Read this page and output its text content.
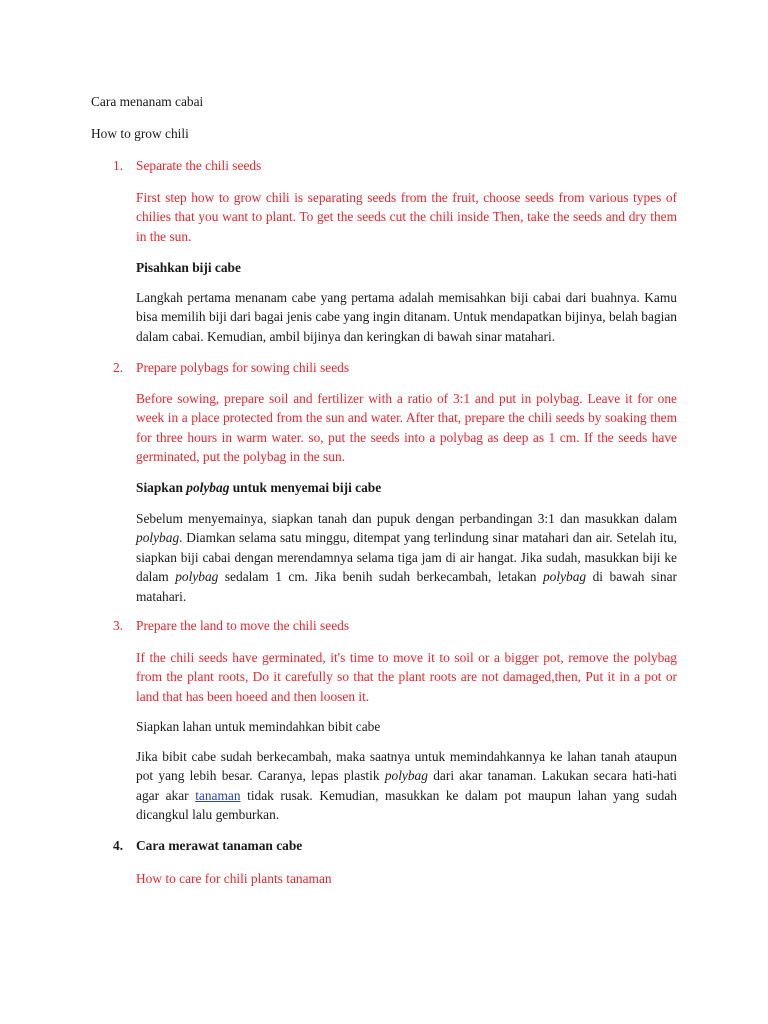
Cara menanam cabai
How to grow chili
1. Separate the chili seeds

First step how to grow chili is separating seeds from the fruit, choose seeds from various types of chilies that you want to plant. To get the seeds cut the chili inside Then, take the seeds and dry them in the sun.

Pisahkan biji cabe

Langkah pertama menanam cabe yang pertama adalah memisahkan biji cabai dari buahnya. Kamu bisa memilih biji dari bagai jenis cabe yang ingin ditanam. Untuk mendapatkan bijinya, belah bagian dalam cabai. Kemudian, ambil bijinya dan keringkan di bawah sinar matahari.

2. Prepare polybags for sowing chili seeds

Before sowing, prepare soil and fertilizer with a ratio of 3:1 and put in polybag. Leave it for one week in a place protected from the sun and water. After that, prepare the chili seeds by soaking them for three hours in warm water. so, put the seeds into a polybag as deep as 1 cm. If the seeds have germinated, put the polybag in the sun.

Siapkan polybag untuk menyemai biji cabe

Sebelum menyemainya, siapkan tanah dan pupuk dengan perbandingan 3:1 dan masukkan dalam polybag. Diamkan selama satu minggu, ditempat yang terlindung sinar matahari dan air. Setelah itu, siapkan biji cabai dengan merendamnya selama tiga jam di air hangat. Jika sudah, masukkan biji ke dalam polybag sedalam 1 cm. Jika benih sudah berkecambah, letakan polybag di bawah sinar matahari.

3. Prepare the land to move the chili seeds

If the chili seeds have germinated, it's time to move it to soil or a bigger pot, remove the polybag from the plant roots, Do it carefully so that the plant roots are not damaged,then, Put it in a pot or land that has been hoeed and then loosen it.

Siapkan lahan untuk memindahkan bibit cabe

Jika bibit cabe sudah berkecambah, maka saatnya untuk memindahkannya ke lahan tanah ataupun pot yang lebih besar. Caranya, lepas plastik polybag dari akar tanaman. Lakukan secara hati-hati agar akar tanaman tidak rusak. Kemudian, masukkan ke dalam pot maupun lahan yang sudah dicangkul lalu gemburkan.

4. Cara merawat tanaman cabe
How to care for chili plants tanaman
